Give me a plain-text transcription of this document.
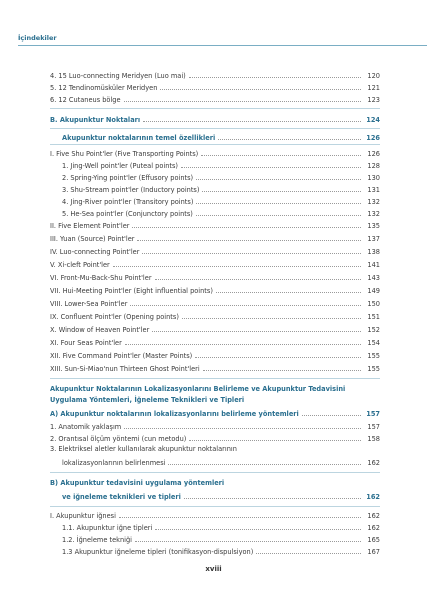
İçindekiler
4. 15 Luo-connecting Meridyen (Luo mai)	120
5. 12 Tendinomüsküler Meridyen	121
6. 12 Cutaneus bölge	123
B. Akupunktur Noktaları	124
Akupunktur noktalarının temel özellikleri	126
I. Five Shu Point'ler (Five Transporting Points)	126
1. Jing-Well point'ler (Puteal points)	128
2. Spring-Ying point'ler (Effusory points)	130
3. Shu-Stream point'ler (Inductory points)	131
4. Jing-River point'ler (Transitory points)	132
5. He-Sea point'ler (Conjunctory points)	132
II. Five Element Point'ler	135
III. Yuan (Source) Point'ler	137
IV. Luo-connecting Point'ler	138
V. Xi-cleft Point'ler	141
VI. Front-Mu-Back-Shu Point'ler	143
VII. Hui-Meeting Point'ler (Eight influential points)	149
VIII. Lower-Sea Point'ler	150
IX. Confluent Point'ler (Opening points)	151
X. Window of Heaven Point'ler	152
XI. Four Seas Point'ler	154
XII. Five Command Point'ler (Master Points)	155
XIII. Sun-Si-Miao'nun Thirteen Ghost Point'leri	155
Akupunktur Noktalarının Lokalizasyonlarını Belirleme ve Akupunktur Tedavisini
Uygulama Yöntemleri, İğneleme Teknikleri ve Tipleri
A) Akupunktur noktalarının lokalizasyonlarını belirleme yöntemleri	157
1. Anatomik yaklaşım	157
2. Orantısal ölçüm yöntemi (cun metodu)	158
3. Elektriksel aletler kullanılarak akupunktur noktalarının
lokalizasyonlarının belirlenmesi	162
B) Akupunktur tedavisini uygulama yöntemleri
ve iğneleme teknikleri ve tipleri	162
I. Akupunktur iğnesi	162
1.1. Akupunktur iğne tipleri	162
1.2. İğneleme tekniği	165
1.3 Akupunktur iğneleme tipleri (tonifikasyon-dispulsiyon)	167
xviii
